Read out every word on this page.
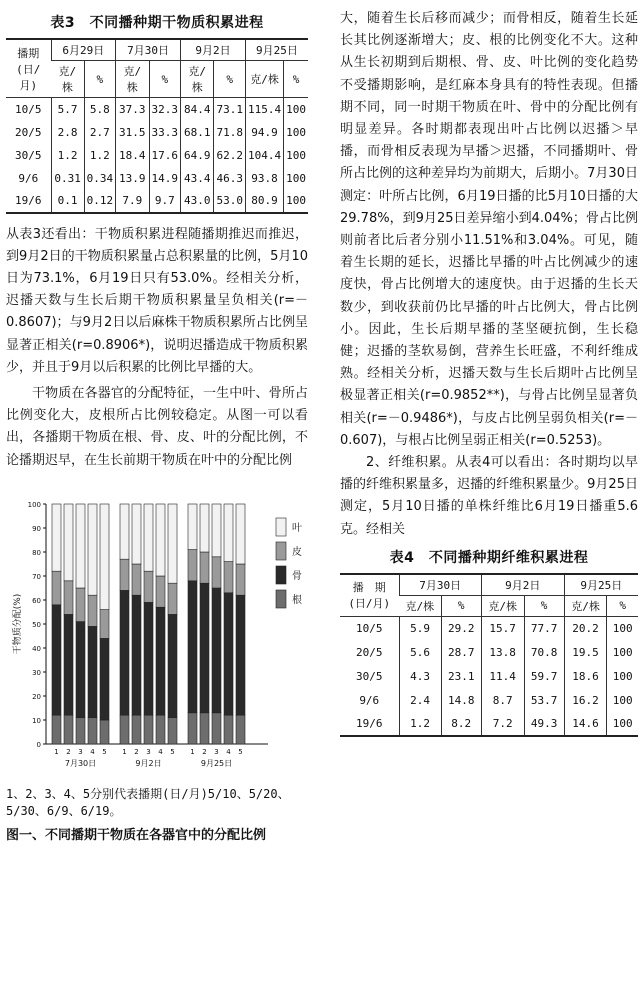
表3　不同播种期干物质积累进程
播期
(日/月)	6月29日		7月30日		9月2日		9月25日	
	克/株	%	克/株	%	克/株	%	克/株	%
10/5	5.7	5.8	37.3	32.3	84.4	73.1	115.4	100
20/5	2.8	2.7	31.5	33.3	68.1	71.8	94.9	100
30/5	1.2	1.2	18.4	17.6	64.9	62.2	104.4	100
9/6	0.31	0.34	13.9	14.9	43.4	46.3	93.8	100
19/6	0.1	0.12	7.9	9.7	43.0	53.0	80.9	100

从表3还看出：干物质积累进程随播期推迟而推迟，到9月2日的干物质积累量占总积累量的比例，5月10日为73.1%，6月19日只有53.0%。经相关分析，迟播天数与生长后期干物质积累量呈负相关(r=－0.8607)；与9月2日以后麻株干物质积累所占比例呈显著正相关(r=0.8906*)，说明迟播造成干物质积累少，并且于9月以后积累的比例比早播的大。

干物质在各器官的分配特征，一生中叶、骨所占比例变化大，皮根所占比例较稳定。从图一可以看出，各播期干物质在根、骨、皮、叶的分配比例，不论播期迟早，在生长前期干物质在叶中的分配比例

0
10
20
30
40
50
60
70
80
90
100
干物质分配(%)
1 2 3 4 5 1 2 3 4 5 1 2 3 4 5
7月30日	9月2日	9月25日
叶
皮
骨
根
1、2、3、4、5分别代表播期(日/月)5/10、5/20、5/30、6/9、6/19。
图一、不同播期干物质在各器官中的分配比例

大，随着生长后移而减少；而骨相反，随着生长延长其比例逐渐增大；皮、根的比例变化不大。这种从生长初期到后期根、骨、皮、叶比例的变化趋势不受播期影响，是红麻本身具有的特性表现。但播期不同，同一时期干物质在叶、骨中的分配比例有明显差异。各时期都表现出叶占比例以迟播＞早播，而骨相反表现为早播＞迟播，不同播期叶、骨所占比例的这种差异均为前期大，后期小。7月30日测定：叶所占比例，6月19日播的比5月10日播的大29.78%，到9月25日差异缩小到4.04%；骨占比例则前者比后者分别小11.51%和3.04%。可见，随着生长期的延长，迟播比早播的叶占比例减少的速度快，骨占比例增大的速度快。由于迟播的生长天数少，到收获前仍比早播的叶占比例大，骨占比例小。因此，生长后期早播的茎坚硬抗倒，生长稳健；迟播的茎软易倒，营养生长旺盛，不利纤维成熟。经相关分析，迟播天数与生长后期叶占比例呈极显著正相关(r=0.9852**)，与骨占比例呈显著负相关(r=－0.9486*)，与皮占比例呈弱负相关(r=－0.607)，与根占比例呈弱正相关(r=0.5253)。

2、纤维积累。从表4可以看出：各时期均以早播的纤维积累量多，迟播的纤维积累量少。9月25日测定，5月10日播的单株纤维比6月19日播重5.6克。经相关

表4　不同播种期纤维积累进程
播　期
(日/月)	7月30日		9月2日		9月25日	
	克/株	%	克/株	%	克/株	%
10/5	5.9	29.2	15.7	77.7	20.2	100
20/5	5.6	28.7	13.8	70.8	19.5	100
30/5	4.3	23.1	11.4	59.7	18.6	100
9/6	2.4	14.8	8.7	53.7	16.2	100
19/6	1.2	8.2	7.2	49.3	14.6	100
